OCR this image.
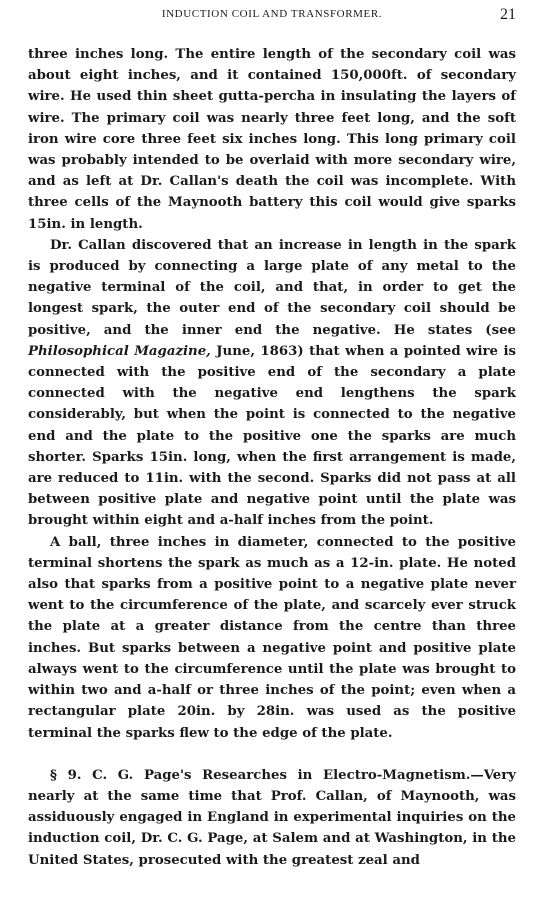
INDUCTION COIL AND TRANSFORMER.	21

three inches long. The entire length of the secondary coil was about eight inches, and it contained 150,000ft. of secondary wire. He used thin sheet gutta-percha in insulating the layers of wire. The primary coil was nearly three feet long, and the soft iron wire core three feet six inches long. This long primary coil was probably intended to be overlaid with more secondary wire, and as left at Dr. Callan's death the coil was incomplete. With three cells of the Maynooth battery this coil would give sparks 15in. in length.

Dr. Callan discovered that an increase in length in the spark is produced by connecting a large plate of any metal to the negative terminal of the coil, and that, in order to get the longest spark, the outer end of the secondary coil should be positive, and the inner end the negative. He states (see Philosophical Magazine, June, 1863) that when a pointed wire is connected with the positive end of the secondary a plate connected with the negative end lengthens the spark considerably, but when the point is connected to the negative end and the plate to the positive one the sparks are much shorter. Sparks 15in. long, when the first arrangement is made, are reduced to 11in. with the second. Sparks did not pass at all between positive plate and negative point until the plate was brought within eight and a-half inches from the point.

A ball, three inches in diameter, connected to the positive terminal shortens the spark as much as a 12-in. plate. He noted also that sparks from a positive point to a negative plate never went to the circumference of the plate, and scarcely ever struck the plate at a greater distance from the centre than three inches. But sparks between a negative point and positive plate always went to the circumference until the plate was brought to within two and a-half or three inches of the point; even when a rectangular plate 20in. by 28in. was used as the positive terminal the sparks flew to the edge of the plate.

§ 9. C. G. Page's Researches in Electro-Magnetism.—Very nearly at the same time that Prof. Callan, of Maynooth, was assiduously engaged in England in experimental inquiries on the induction coil, Dr. C. G. Page, at Salem and at Washington, in the United States, prosecuted with the greatest zeal and
